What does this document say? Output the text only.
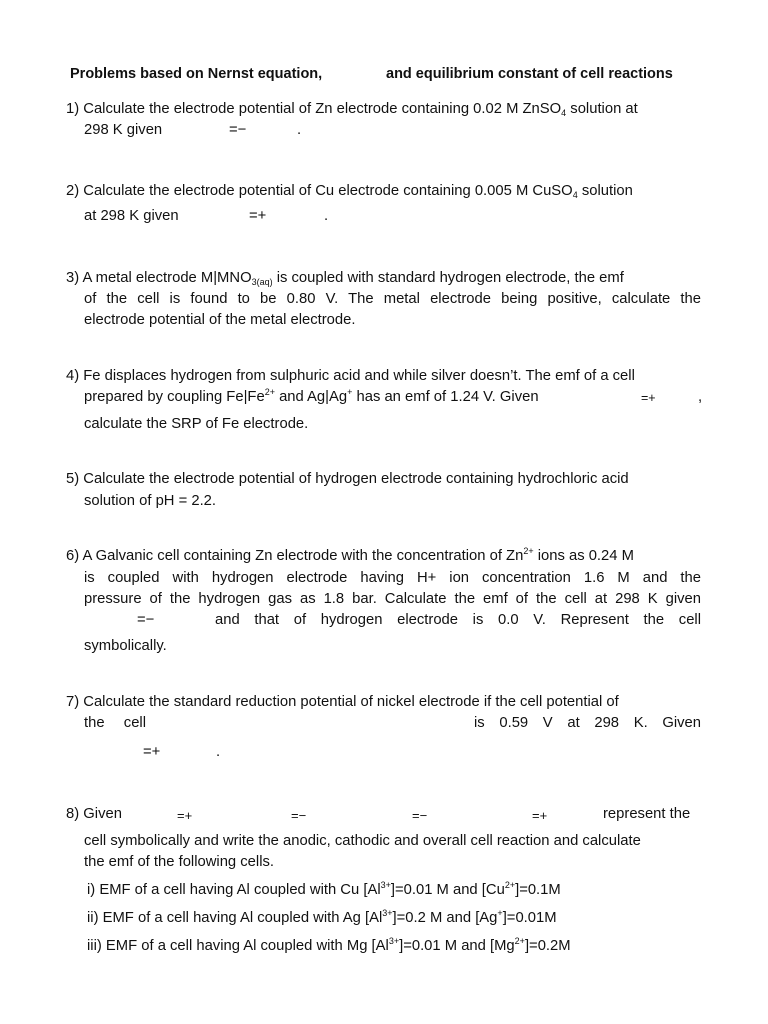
Problems based on Nernst equation,	and equilibrium constant of cell reactions
1) Calculate the electrode potential of Zn electrode containing 0.02 M ZnSO$_4$ solution at
298 K given	=−	.
2) Calculate the electrode potential of Cu electrode containing 0.005 M CuSO$_4$ solution
at 298 K given	=+	.
3) A metal electrode $M|MNO_{3(aq)}$ is coupled with standard hydrogen electrode, the emf
of the cell is found to be 0.80 V. The metal electrode being positive, calculate the
electrode potential of the metal electrode.
4) Fe displaces hydrogen from sulphuric acid and while silver doesn’t. The emf of a cell
prepared by coupling $Fe|Fe^{2+}$ and Ag|Ag+ has an emf of 1.24 V. Given	=+	,
calculate the SRP of Fe electrode.
5) Calculate the electrode potential of hydrogen electrode containing hydrochloric acid
solution of pH = 2.2.
6) A Galvanic cell containing Zn electrode with the concentration of $Zn^{2+}$ ions as 0.24 M
is coupled with hydrogen electrode having H+ ion concentration 1.6 M and the
pressure of the hydrogen gas as 1.8 bar. Calculate the emf of the cell at 298 K given
=−	and that of hydrogen electrode is 0.0 V. Represent the cell
symbolically.
7) Calculate the standard reduction potential of nickel electrode if the cell potential of
the cell	is 0.59 V at 298 K. Given
=+	.
8) Given	=+	=−	=−	=+	represent the
cell symbolically and write the anodic, cathodic and overall cell reaction and calculate
the emf of the following cells.
i) EMF of a cell having Al coupled with Cu $[Al^{3+}]=0.01$ M and $[Cu^{2+}]=0.1M$
ii) EMF of a cell having Al coupled with Ag $[Al^{3+}]=0.2$ M and [Ag+]=0.01M
iii) EMF of a cell having Al coupled with Mg $[Al^{3+}]=0.01$ M and $[Mg^{2+}]=0.2M$
